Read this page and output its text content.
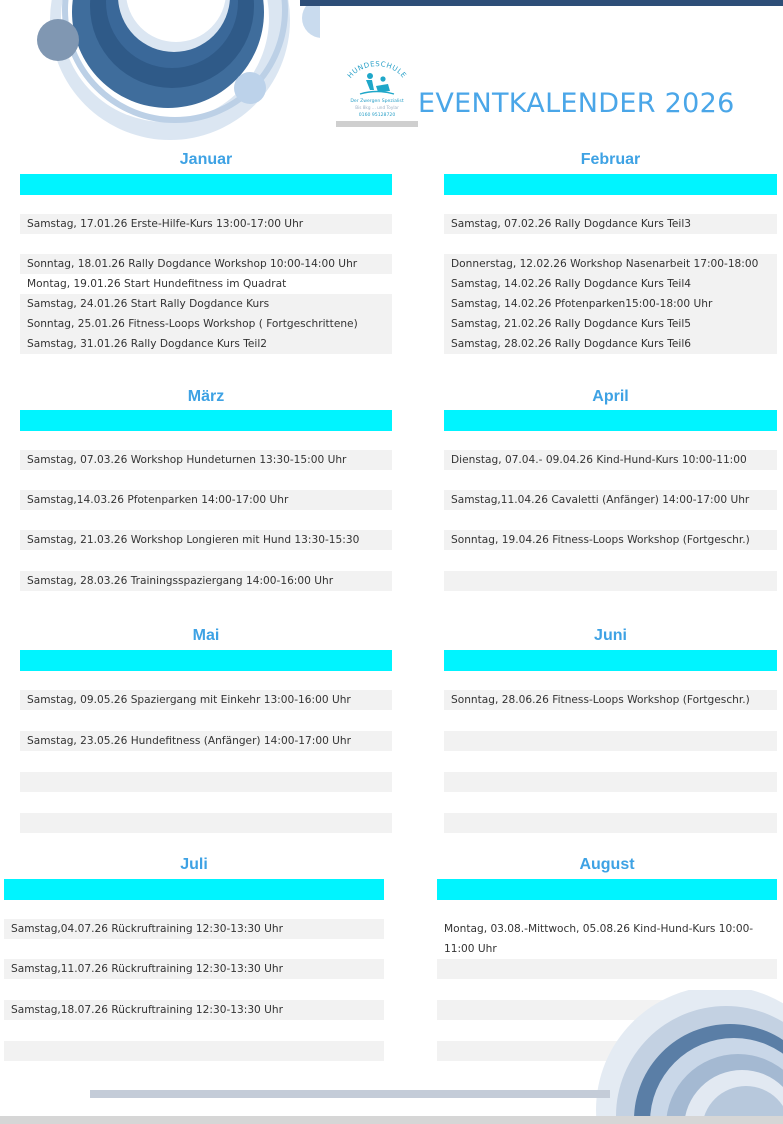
HUNDESCHULE
Der Zwergen Spezialist
Bis 8kg ... und Toylar
0160 95128720 EVENTKALENDER 2026
Januar
Samstag, 17.01.26 Erste-Hilfe-Kurs 13:00-17:00 Uhr
Sonntag, 18.01.26 Rally Dogdance Workshop 10:00-14:00 Uhr
Montag, 19.01.26 Start Hundefitness im Quadrat
Samstag, 24.01.26 Start Rally Dogdance Kurs
Sonntag, 25.01.26 Fitness-Loops Workshop ( Fortgeschrittene)
Samstag, 31.01.26 Rally Dogdance Kurs Teil2
Februar
Samstag, 07.02.26 Rally Dogdance Kurs Teil3
Donnerstag, 12.02.26 Workshop Nasenarbeit 17:00-18:00
Samstag, 14.02.26 Rally Dogdance Kurs Teil4
Samstag, 14.02.26 Pfotenparken15:00-18:00 Uhr
Samstag, 21.02.26 Rally Dogdance Kurs Teil5
Samstag, 28.02.26 Rally Dogdance Kurs Teil6
März
Samstag, 07.03.26 Workshop Hundeturnen 13:30-15:00 Uhr
Samstag,14.03.26 Pfotenparken 14:00-17:00 Uhr
Samstag, 21.03.26 Workshop Longieren mit Hund 13:30-15:30
Samstag, 28.03.26 Trainingsspaziergang 14:00-16:00 Uhr
April
Dienstag, 07.04.- 09.04.26 Kind-Hund-Kurs 10:00-11:00
Samstag,11.04.26 Cavaletti (Anfänger) 14:00-17:00 Uhr
Sonntag, 19.04.26 Fitness-Loops Workshop (Fortgeschr.)
Mai
Samstag, 09.05.26 Spaziergang mit Einkehr 13:00-16:00 Uhr
Samstag, 23.05.26 Hundefitness (Anfänger) 14:00-17:00 Uhr
Juni
Sonntag, 28.06.26 Fitness-Loops Workshop (Fortgeschr.)
Juli
Samstag,04.07.26 Rückruftraining 12:30-13:30 Uhr
Samstag,11.07.26 Rückruftraining 12:30-13:30 Uhr
Samstag,18.07.26 Rückruftraining 12:30-13:30 Uhr
August
Montag, 03.08.-Mittwoch, 05.08.26 Kind-Hund-Kurs 10:00-11:00 Uhr
